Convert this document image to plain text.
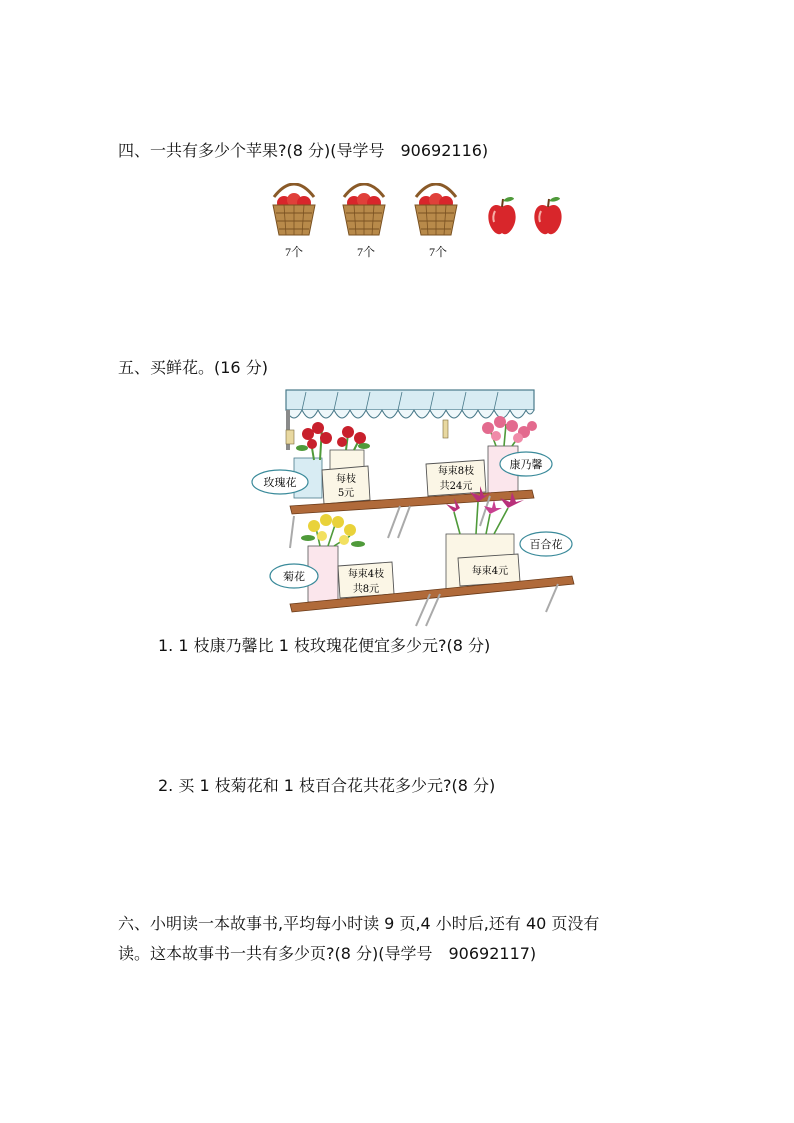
四、一共有多少个苹果?(8 分)(导学号　90692116)
7个	7个	7个
五、买鲜花。(16 分)
每枝
5元
每束8枝
共24元
玫瑰花
康乃馨
每束4枝
共8元
每束4元
菊花
百合花
1. 1 枝康乃馨比 1 枝玫瑰花便宜多少元?(8 分)
2. 买 1 枝菊花和 1 枝百合花共花多少元?(8 分)
六、小明读一本故事书,平均每小时读 9 页,4 小时后,还有 40 页没有
读。这本故事书一共有多少页?(8 分)(导学号　90692117)
